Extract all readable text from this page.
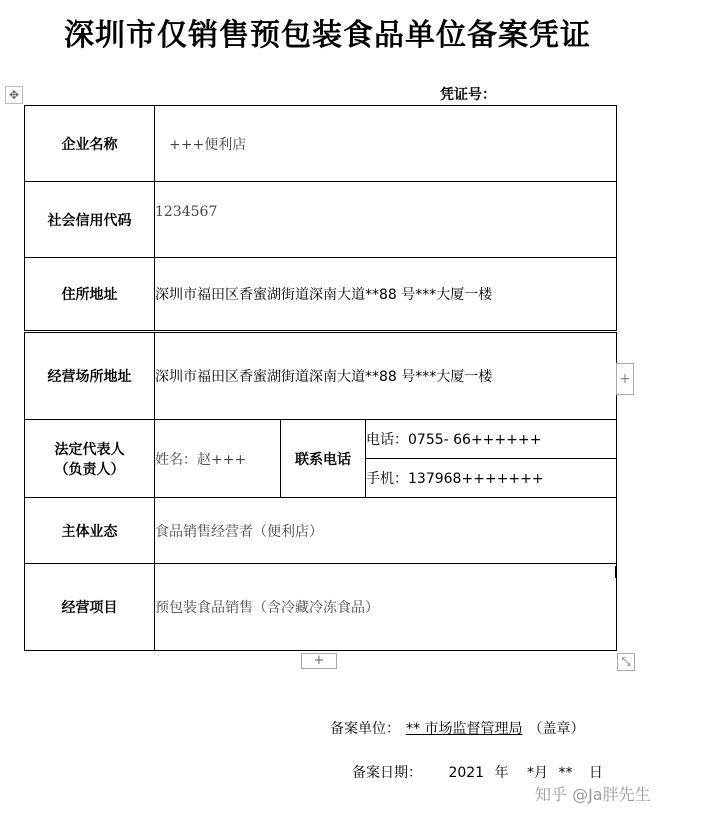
深圳市仅销售预包装食品单位备案凭证
✥	凭证号：
企业名称	+++便利店		
社会信用代码	1234567		
住所地址	深圳市福田区香蜜湖街道深南大道**88 号***大厦一楼		
经营场所地址	深圳市福田区香蜜湖街道深南大道**88 号***大厦一楼		

法定代表人
（负责人）	姓名：赵+++	联系电话	电话：0755- 66++++++
			手机：137968+++++++
主体业态	食品销售经营者（便利店）		
经营项目	预包装食品销售（含冷藏冷冻食品）		
+
+	⤡
备案单位： ** 市场监督管理局 （盖章）
备案日期： 2021 年 *月 ** 日
知乎 @Ja胖先生
